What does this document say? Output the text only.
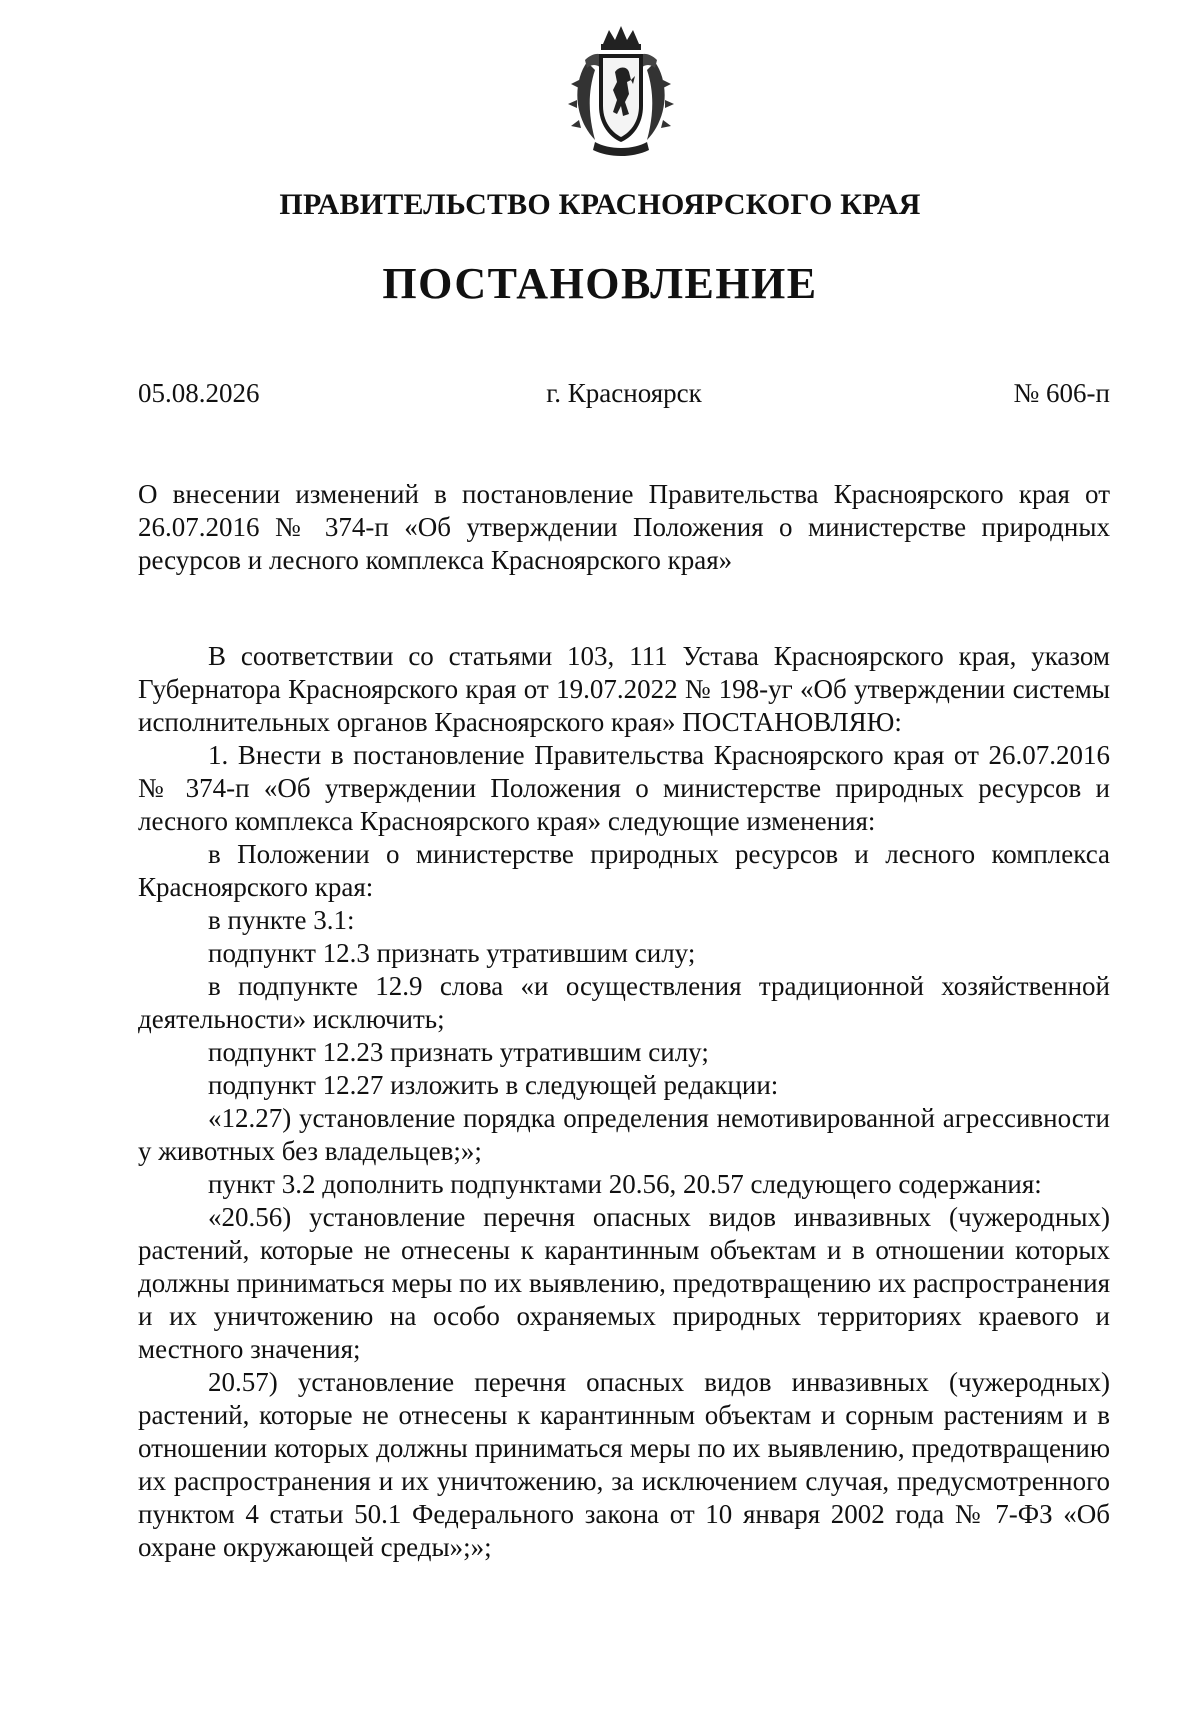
ПРАВИТЕЛЬСТВО КРАСНОЯРСКОГО КРАЯ
ПОСТАНОВЛЕНИЕ
05.08.2026	г. Красноярск	№ 606-п

О внесении изменений в постановление Правительства Красноярского края от 26.07.2016 № 374-п «Об утверждении Положения о министерстве природных ресурсов и лесного комплекса Красноярского края»

В соответствии со статьями 103, 111 Устава Красноярского края, указом Губернатора Красноярского края от 19.07.2022 № 198-уг «Об утверждении системы исполнительных органов Красноярского края» ПОСТАНОВЛЯЮ:

1. Внести в постановление Правительства Красноярского края от 26.07.2016 № 374-п «Об утверждении Положения о министерстве природных ресурсов и лесного комплекса Красноярского края» следующие изменения:

в Положении о министерстве природных ресурсов и лесного комплекса Красноярского края:

в пункте 3.1:

подпункт 12.3 признать утратившим силу;

в подпункте 12.9 слова «и осуществления традиционной хозяйственной деятельности» исключить;

подпункт 12.23 признать утратившим силу;

подпункт 12.27 изложить в следующей редакции:

«12.27) установление порядка определения немотивированной агрессивности у животных без владельцев;»;

пункт 3.2 дополнить подпунктами 20.56, 20.57 следующего содержания:

«20.56) установление перечня опасных видов инвазивных (чужеродных) растений, которые не отнесены к карантинным объектам и в отношении которых должны приниматься меры по их выявлению, предотвращению их распространения и их уничтожению на особо охраняемых природных территориях краевого и местного значения;

20.57) установление перечня опасных видов инвазивных (чужеродных) растений, которые не отнесены к карантинным объектам и сорным растениям и в отношении которых должны приниматься меры по их выявлению, предотвращению их распространения и их уничтожению, за исключением случая, предусмотренного пунктом 4 статьи 50.1 Федерального закона от 10 января 2002 года № 7-ФЗ «Об охране окружающей среды»;»;
